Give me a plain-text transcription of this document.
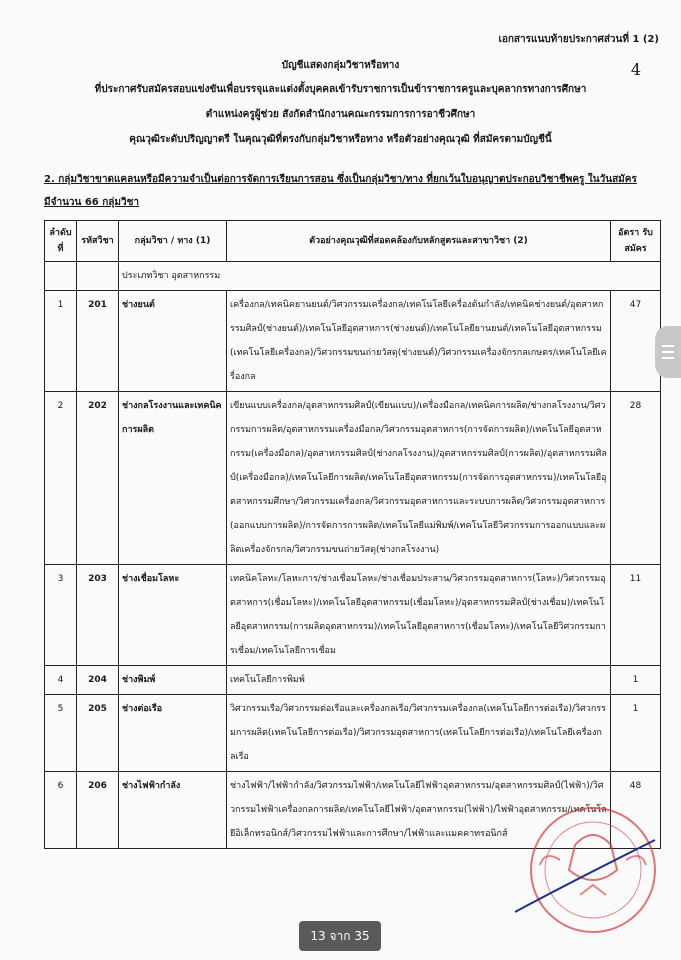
เอกสารแนบท้ายประกาศส่วนที่ 1 (2)
4
บัญชีแสดงกลุ่มวิชาหรือทาง
ที่ประกาศรับสมัครสอบแข่งขันเพื่อบรรจุและแต่งตั้งบุคคลเข้ารับราชการเป็นข้าราชการครูและบุคลากรทางการศึกษา
ตำแหน่งครูผู้ช่วย สังกัดสำนักงานคณะกรรมการการอาชีวศึกษา
คุณวุฒิระดับปริญญาตรี ในคุณวุฒิที่ตรงกับกลุ่มวิชาหรือทาง หรือตัวอย่างคุณวุฒิ ที่สมัครตามบัญชีนี้
2. กลุ่มวิชาขาดแคลนหรือมีความจำเป็นต่อการจัดการเรียนการสอน ซึ่งเป็นกลุ่มวิชา/ทาง ที่ยกเว้นใบอนุญาตประกอบวิชาชีพครู ในวันสมัคร
มีจำนวน 66 กลุ่มวิชา
ลำดับที่	รหัสวิชา	กลุ่มวิชา / ทาง (1)	ตัวอย่างคุณวุฒิที่สอดคล้องกับหลักสูตรและสาขาวิชา (2)	อัตรา รับสมัคร
		ประเภทวิชา อุตสาหกรรม		
1	201	ช่างยนต์	เครื่องกล/เทคนิคยานยนต์/วิศวกรรมเครื่องกล/เทคโนโลยีเครื่องต้นกำลัง/เทคนิคช่างยนต์/อุตสาหกรรมศิลป์(ช่างยนต์)/เทคโนโลยีอุตสาหการ(ช่างยนต์)/เทคโนโลยียานยนต์/เทคโนโลยีอุตสาหกรรม(เทคโนโลยีเครื่องกล)/วิศวกรรมขนถ่ายวัสดุ(ช่างยนต์)/วิศวกรรมเครื่องจักรกลเกษตร/เทคโนโลยีเครื่องกล	47
2	202	ช่างกลโรงงานและเทคนิคการผลิต	เขียนแบบเครื่องกล/อุตสาหกรรมศิลป์(เขียนแบบ)/เครื่องมือกล/เทคนิคการผลิต/ช่างกลโรงงาน/วิศวกรรมการผลิต/อุตสาหกรรมเครื่องมือกล/วิศวกรรมอุตสาหการ(การจัดการผลิต)/เทคโนโลยีอุตสาหกรรม(เครื่องมือกล)/อุตสาหกรรมศิลป์(ช่างกลโรงงาน)/อุตสาหกรรมศิลป์(การผลิต)/อุตสาหกรรมศิลป์(เครื่องมือกล)/เทคโนโลยีการผลิต/เทคโนโลยีอุตสาหกรรม(การจัดการอุตสาหกรรม)/เทคโนโลยีอุตสาหกรรมศึกษา/วิศวกรรมเครื่องกล/วิศวกรรมอุตสาหการและระบบการผลิต/วิศวกรรมอุตสาหการ(ออกแบบการผลิต)/การจัดการการผลิต/เทคโนโลยีแม่พิมพ์/เทคโนโลยีวิศวกรรมการออกแบบและผลิตเครื่องจักรกล/วิศวกรรมขนถ่ายวัสดุ(ช่างกลโรงงาน)	28
3	203	ช่างเชื่อมโลหะ	เทคนิคโลหะ/โลหะการ/ช่างเชื่อมโลหะ/ช่างเชื่อมประสาน/วิศวกรรมอุตสาหการ(โลหะ)/วิศวกรรมอุตสาหการ(เชื่อมโลหะ)/เทคโนโลยีอุตสาหกรรม(เชื่อมโลหะ)/อุตสาหกรรมศิลป์(ช่างเชื่อม)/เทคโนโลยีอุตสาหกรรม(การผลิตอุตสาหกรรม)/เทคโนโลยีอุตสาหการ(เชื่อมโลหะ)/เทคโนโลยีวิศวกรรมการเชื่อม/เทคโนโลยีการเชื่อม	11
4	204	ช่างพิมพ์	เทคโนโลยีการพิมพ์	1
5	205	ช่างต่อเรือ	วิศวกรรมเรือ/วิศวกรรมต่อเรือและเครื่องกลเรือ/วิศวกรรมเครื่องกล(เทคโนโลยีการต่อเรือ)/วิศวกรรมการผลิต(เทคโนโลยีการต่อเรือ)/วิศวกรรมอุตสาหการ(เทคโนโลยีการต่อเรือ)/เทคโนโลยีเครื่องกลเรือ	1
6	206	ช่างไฟฟ้ากำลัง	ช่างไฟฟ้า/ไฟฟ้ากำลัง/วิศวกรรมไฟฟ้า/เทคโนโลยีไฟฟ้าอุตสาหกรรม/อุตสาหกรรมศิลป์(ไฟฟ้า)/วิศวกรรมไฟฟ้าเครื่องกลการผลิต/เทคโนโลยีไฟฟ้า/อุตสาหกรรม(ไฟฟ้า)/ไฟฟ้าอุตสาหกรรม/เทคโนโลยีอิเล็กทรอนิกส์/วิศวกรรมไฟฟ้าและการศึกษา/ไฟฟ้าและแมคคาทรอนิกส์	48
13 จาก 35
